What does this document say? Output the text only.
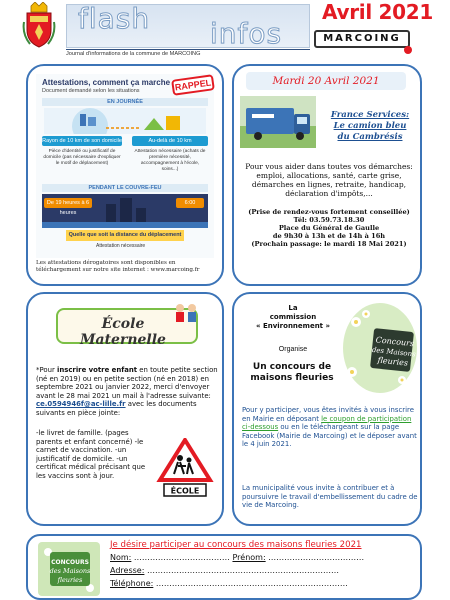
flash infos
Journal d'informations de la commune de MARCOING
Avril 2021
MARCOING
Attestations, comment ça marche
Document demandé selon les situations	RAPPEL
EN JOURNÉE
Rayon de 10 km de son domicile	Au-delà de 10 km
Pièce d'identité ou justificatif de domicile (pas nécessaire d'expliquer le motif de déplacement)
Attestation nécessaire (achats de première nécessité, accompagnement à l'école, soins...)
PENDANT LE COUVRE-FEU
De 19 heures à 6 heures
6:00
Quelle que soit la distance du déplacement
Attestation nécessaire
Les attestations dérogatoires sont disponibles en téléchargement sur notre site internet : www.marcoing.fr
Mardi 20 Avril 2021
France Services:
Le camion bleu
du Cambrésis
Pour vous aider dans toutes vos démarches: emploi, allocations, santé, carte grise, démarches en lignes, retraite, handicap, déclaration d'impôts,...
(Prise de rendez-vous fortement conseillée)
Tél: 03.59.73.18.30
Place du Général de Gaulle
de 9h30 à 13h et de 14h à 16h
(Prochain passage: le mardi 18 Mai 2021)
École Maternelle
*Pour inscrire votre enfant en toute petite section (né en 2019) ou en petite section (né en 2018) en septembre 2021 ou janvier 2022, merci d'envoyer avant le 28 mai 2021 un mail à l'adresse suivante: ce.0594946f@ac-lille.fr avec les documents suivants en pièce jointe:
-le livret de famille. (pages parents et enfant concerné) -le carnet de vaccination. -un justificatif de domicile. -un certificat médical précisant que les vaccins sont à jour.
ÉCOLE
La
commission
« Environnement »
Organise
Un concours de maisons fleuries
Concours
des Maisons
fleuries
Pour y participer, vous êtes invités à vous inscrire en Mairie en déposant le coupon de participation ci-dessous ou en le téléchargeant sur la page Facebook (Mairie de Marcoing) et le déposer avant le 4 juin 2021.
La municipalité vous invite à contribuer et à poursuivre le travail d'embellissement du cadre de vie de Marcoing.
CONCOURS
des Maisons
fleuries
Je désire participer au concours des maisons fleuries 2021
Nom: ……………………………… Prénom: ………………………………
Adresse: ………………………………………………………………
Téléphone: ………………………………………………………………
